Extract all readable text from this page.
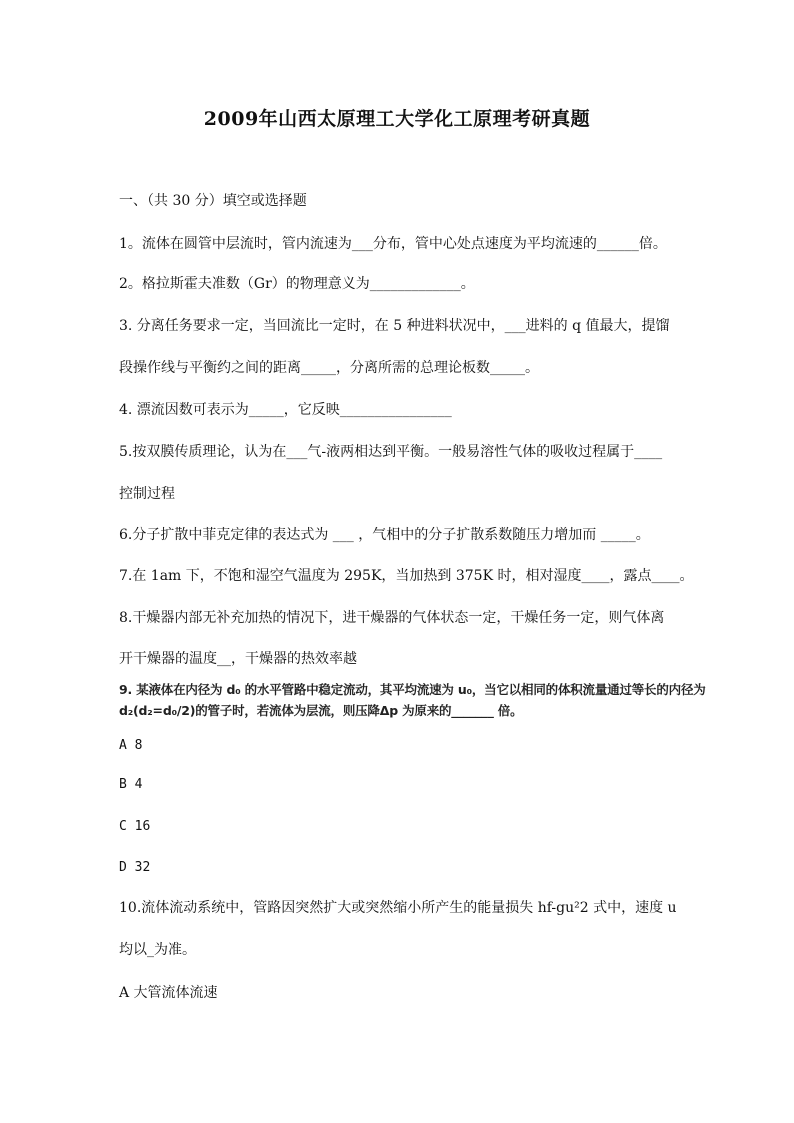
2009年山西太原理工大学化工原理考研真题
一、（共 30 分）填空或选择题
1。流体在圆管中层流时，管内流速为___分布，管中心处点速度为平均流速的______倍。
2。格拉斯霍夫准数（Gr）的物理意义为_____________。
3. 分离任务要求一定，当回流比一定时，在 5 种进料状况中，___进料的 q 值最大，提馏
段操作线与平衡约之间的距离_____，分离所需的总理论板数_____。
4. 漂流因数可表示为_____，它反映________________
5.按双膜传质理论，认为在___气-液两相达到平衡。一般易溶性气体的吸收过程属于____
控制过程
6.分子扩散中菲克定律的表达式为 ___ ，气相中的分子扩散系数随压力增加而 _____。
7.在 1am 下，不饱和湿空气温度为 295K，当加热到 375K 时，相对湿度____，露点____。
8.干燥器内部无补充加热的情况下，进干燥器的气体状态一定，干燥任务一定，则气体离
开干燥器的温度__，干燥器的热效率越
9. 某液体在内径为 d₀ 的水平管路中稳定流动，其平均流速为 u₀，当它以相同的体积流量通过等长的内径为
d₂(d₂=d₀/2)的管子时，若流体为层流，则压降Δp 为原来的_______ 倍。
A 8
B 4
C 16
D 32
10.流体流动系统中，管路因突然扩大或突然缩小所产生的能量损失 hf-gu²2 式中，速度 u
均以_为准。
A 大管流体流速
